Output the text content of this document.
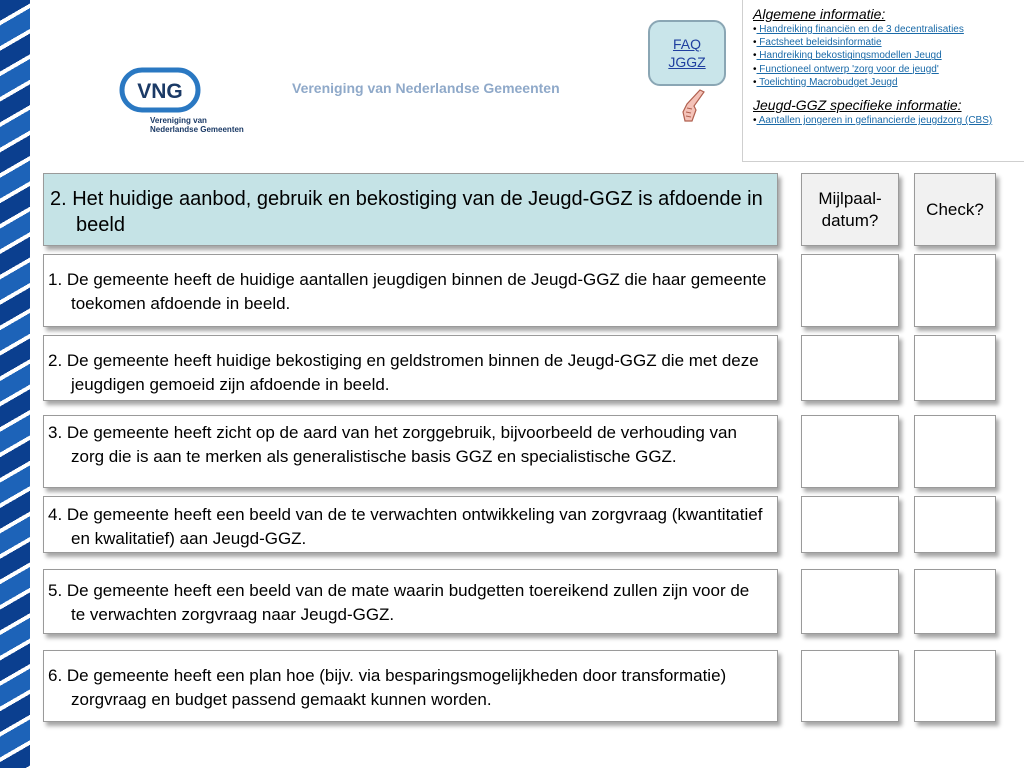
VNG
Vereniging van
Nederlandse Gemeenten
Vereniging van Nederlandse Gemeenten
FAQ
JGGZ
Algemene informatie:
• Handreiking financiën en de 3 decentralisaties
• Factsheet beleidsinformatie
• Handreiking bekostigingsmodellen Jeugd
• Functioneel ontwerp 'zorg voor de jeugd'
• Toelichting Macrobudget Jeugd
Jeugd-GGZ specifieke informatie:
• Aantallen jongeren in gefinancierde jeugdzorg (CBS)
2. Het huidige aanbod, gebruik en bekostiging van de Jeugd-GGZ is afdoende in beeld
Mijlpaal-datum?
Check?
1. De gemeente heeft de huidige aantallen jeugdigen binnen de Jeugd-GGZ die haar gemeente toekomen afdoende in beeld.
2. De gemeente heeft huidige bekostiging en geldstromen binnen de Jeugd-GGZ die met deze jeugdigen gemoeid zijn afdoende in beeld.
3. De gemeente heeft zicht op de aard van het zorggebruik, bijvoorbeeld de verhouding van zorg die is aan te merken als generalistische basis GGZ en specialistische GGZ.
4. De gemeente heeft een beeld van de te verwachten ontwikkeling van zorgvraag (kwantitatief en kwalitatief) aan Jeugd-GGZ.
5. De gemeente heeft een beeld van de mate waarin budgetten toereikend zullen zijn voor de te verwachten zorgvraag naar Jeugd-GGZ.
6. De gemeente heeft een plan hoe (bijv. via besparingsmogelijkheden door transformatie) zorgvraag en budget passend gemaakt kunnen worden.
